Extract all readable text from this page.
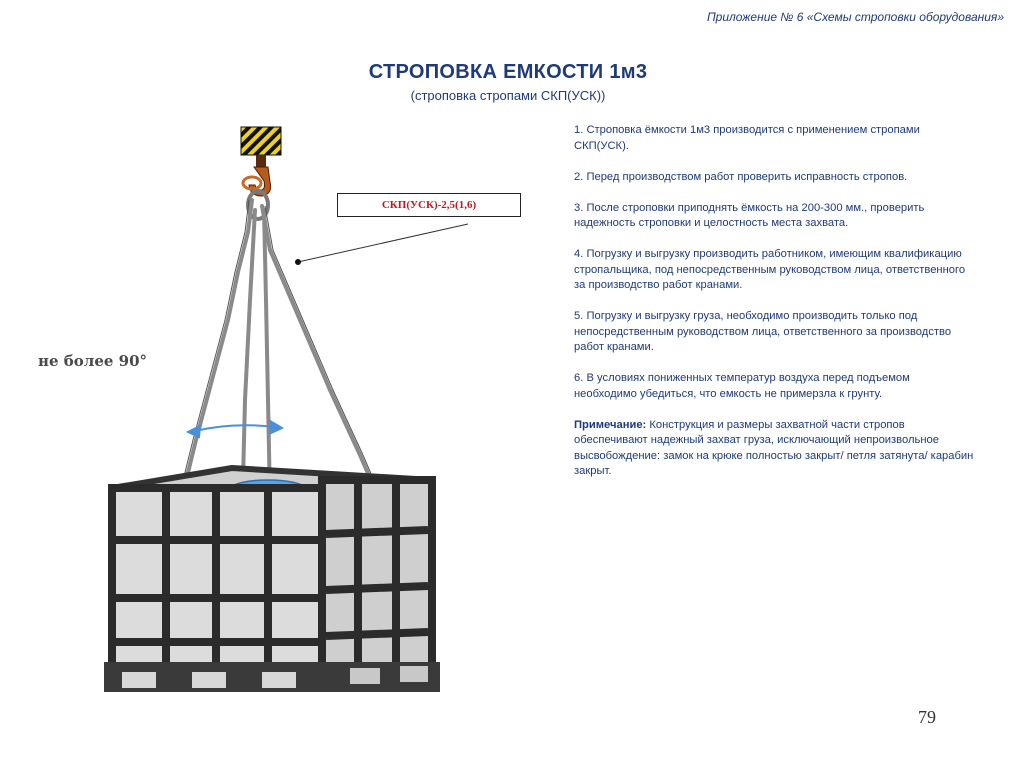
Приложение № 6 «Схемы строповки оборудования»
СТРОПОВКА ЕМКОСТИ 1м3
(строповка стропами СКП(УСК))
СКП(УСК)-2,5(1,6)
не более 90°

1. Строповка ёмкости 1м3 производится с применением стропами СКП(УСК).

2. Перед производством работ проверить исправность стропов.

3. После строповки приподнять ёмкость на 200-300 мм., проверить надежность строповки и целостность места захвата.

4. Погрузку и выгрузку производить работником, имеющим квалификацию стропальщика, под непосредственным руководством лица, ответственного за производство работ кранами.

5. Погрузку и выгрузку груза, необходимо производить только под непосредственным руководством лица, ответственного за производство работ кранами.

6. В условиях пониженных температур воздуха перед подъемом необходимо убедиться, что емкость не примерзла к грунту.

Примечание: Конструкция и размеры захватной части стропов обеспечивают надежный захват груза, исключающий непроизвольное высвобождение: замок на крюке полностью закрыт/ петля затянута/ карабин закрыт.

79
